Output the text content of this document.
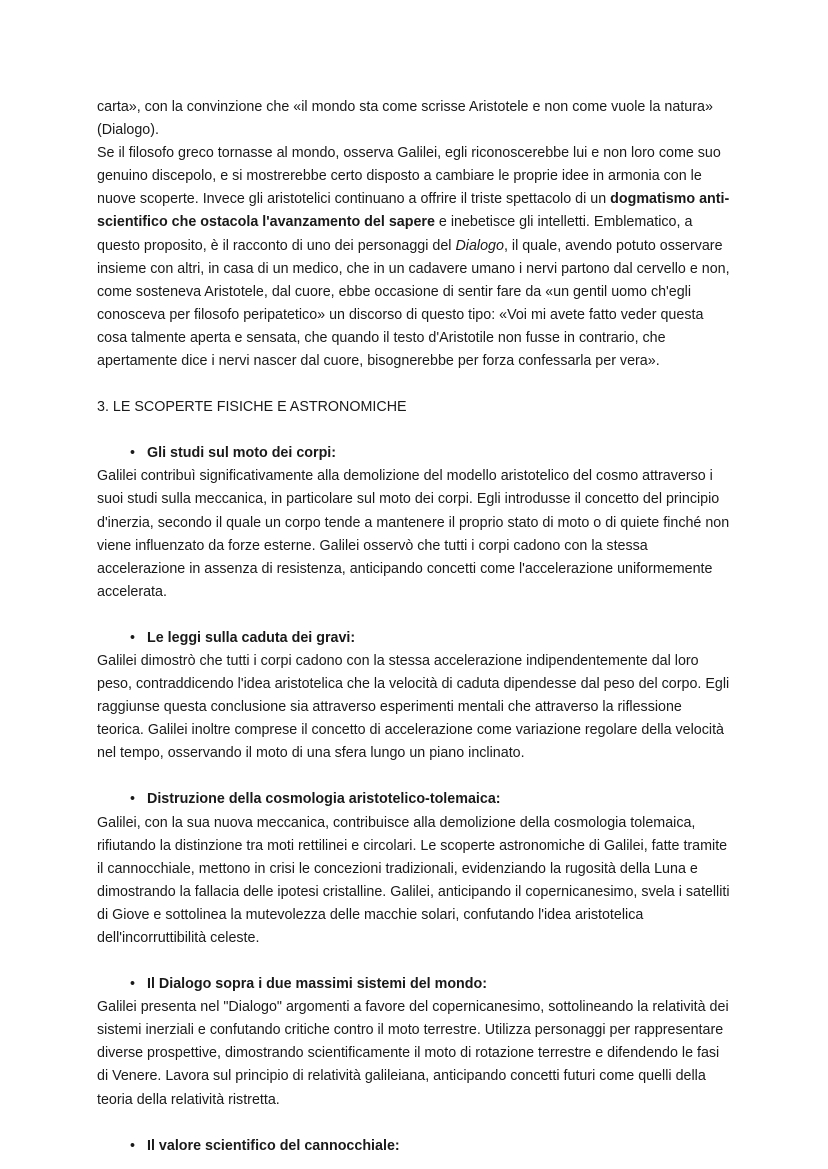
carta», con la convinzione che «il mondo sta come scrisse Aristotele e non come vuole la natura» (Dialogo).

Se il filosofo greco tornasse al mondo, osserva Galilei, egli riconoscerebbe lui e non loro come suo genuino discepolo, e si mostrerebbe certo disposto a cambiare le proprie idee in armonia con le nuove scoperte. Invece gli aristotelici continuano a offrire il triste spettacolo di un dogmatismo anti-scientifico che ostacola l'avanzamento del sapere e inebetisce gli intelletti. Emblematico, a questo proposito, è il racconto di uno dei personaggi del Dialogo, il quale, avendo potuto osservare insieme con altri, in casa di un medico, che in un cadavere umano i nervi partono dal cervello e non, come sosteneva Aristotele, dal cuore, ebbe occasione di sentir fare da «un gentil uomo ch'egli conosceva per filosofo peripatetico» un discorso di questo tipo: «Voi mi avete fatto veder questa cosa talmente aperta e sensata, che quando il testo d'Aristotile non fusse in contrario, che apertamente dice i nervi nascer dal cuore, bisognerebbe per forza confessarla per vera».

3. LE SCOPERTE FISICHE E ASTRONOMICHE

• Gli studi sul moto dei corpi:

Galilei contribuì significativamente alla demolizione del modello aristotelico del cosmo attraverso i suoi studi sulla meccanica, in particolare sul moto dei corpi. Egli introdusse il concetto del principio d'inerzia, secondo il quale un corpo tende a mantenere il proprio stato di moto o di quiete finché non viene influenzato da forze esterne. Galilei osservò che tutti i corpi cadono con la stessa accelerazione in assenza di resistenza, anticipando concetti come l'accelerazione uniformemente accelerata.

• Le leggi sulla caduta dei gravi:

Galilei dimostrò che tutti i corpi cadono con la stessa accelerazione indipendentemente dal loro peso, contraddicendo l'idea aristotelica che la velocità di caduta dipendesse dal peso del corpo. Egli raggiunse questa conclusione sia attraverso esperimenti mentali che attraverso la riflessione teorica. Galilei inoltre comprese il concetto di accelerazione come variazione regolare della velocità nel tempo, osservando il moto di una sfera lungo un piano inclinato.

• Distruzione della cosmologia aristotelico-tolemaica:

Galilei, con la sua nuova meccanica, contribuisce alla demolizione della cosmologia tolemaica, rifiutando la distinzione tra moti rettilinei e circolari. Le scoperte astronomiche di Galilei, fatte tramite il cannocchiale, mettono in crisi le concezioni tradizionali, evidenziando la rugosità della Luna e dimostrando la fallacia delle ipotesi cristalline. Galilei, anticipando il copernicanesimo, svela i satelliti di Giove e sottolinea la mutevolezza delle macchie solari, confutando l'idea aristotelica dell'incorruttibilità celeste.

• Il Dialogo sopra i due massimi sistemi del mondo:

Galilei presenta nel "Dialogo" argomenti a favore del copernicanesimo, sottolineando la relatività dei sistemi inerziali e confutando critiche contro il moto terrestre. Utilizza personaggi per rappresentare diverse prospettive, dimostrando scientificamente il moto di rotazione terrestre e difendendo le fasi di Venere. Lavora sul principio di relatività galileiana, anticipando concetti futuri come quelli della teoria della relatività ristretta.

• Il valore scientifico del cannocchiale:
